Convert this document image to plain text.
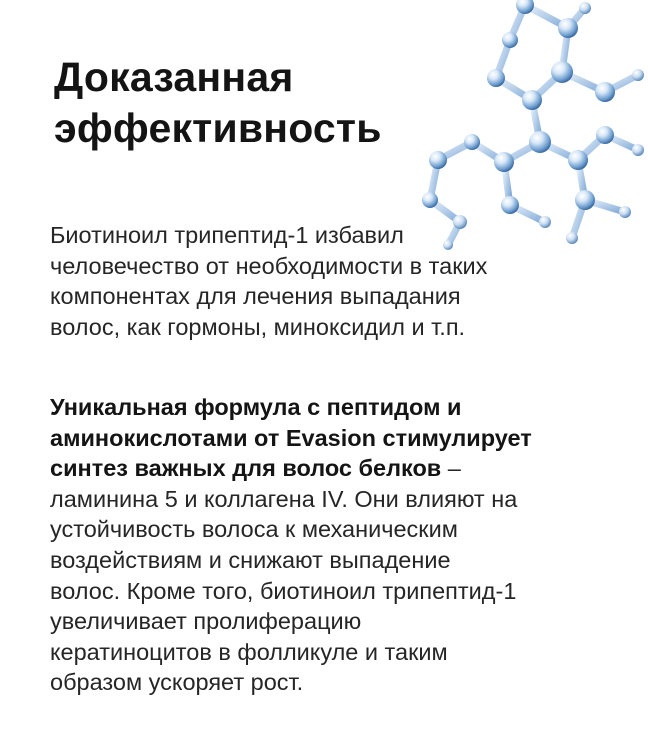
Доказанная
эффективность

Биотиноил трипептид-1 избавил
человечество от необходимости в таких
компонентах для лечения выпадания
волос, как гормоны, миноксидил и т.п.

Уникальная формула с пептидом и
аминокислотами от Evasion стимулирует
синтез важных для волос белков –
ламинина 5 и коллагена IV. Они влияют на
устойчивость волоса к механическим
воздействиям и снижают выпадение
волос. Кроме того, биотиноил трипептид-1
увеличивает пролиферацию
кератиноцитов в фолликуле и таким
образом ускоряет рост.
